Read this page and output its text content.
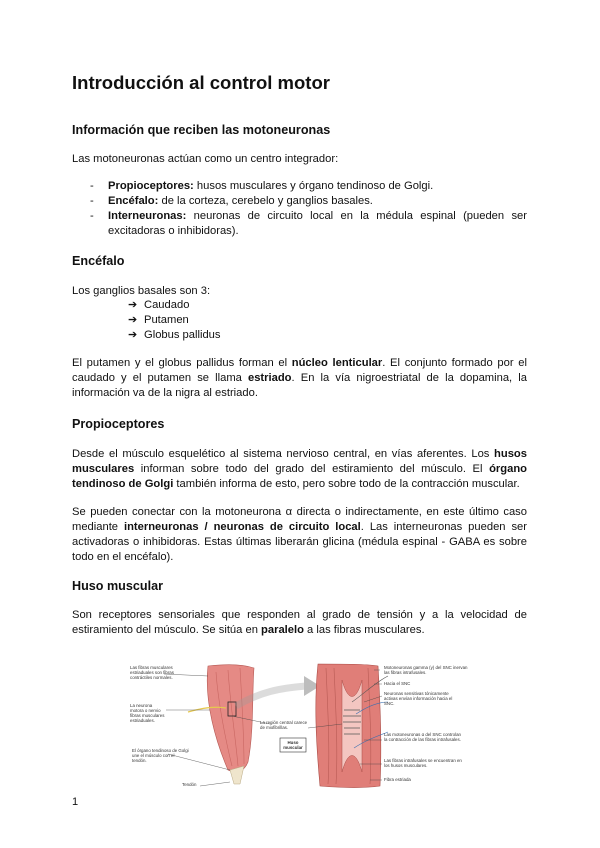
Introducción al control motor
Información que reciben las motoneuronas

Las motoneuronas actúan como un centro integrador:

- Propioceptores: husos musculares y órgano tendinoso de Golgi.
- Encéfalo: de la corteza, cerebelo y ganglios basales.
- Interneuronas: neuronas de circuito local en la médula espinal (pueden ser excitadoras o inhibidoras).
Encéfalo

Los ganglios basales son 3:

➔ Caudado
➔ Putamen
➔ Globus pallidus

El putamen y el globus pallidus forman el núcleo lenticular. El conjunto formado por el caudado y el putamen se llama estriado. En la vía nigroestriatal de la dopamina, la información va de la nigra al estriado.

Propioceptores

Desde el músculo esquelético al sistema nervioso central, en vías aferentes. Los husos musculares informan sobre todo del grado del estiramiento del músculo. El órgano tendinoso de Golgi también informa de esto, pero sobre todo de la contracción muscular.

Se pueden conectar con la motoneurona α directa o indirectamente, en este último caso mediante interneuronas / neuronas de circuito local. Las interneuronas pueden ser activadoras o inhibidoras. Estas últimas liberarán glicina (médula espinal - GABA es sobre todo en el encéfalo).

Huso muscular

Son receptores sensoriales que responden al grado de tensión y a la velocidad de estiramiento del músculo. Se sitúa en paralelo a las fibras musculares.

Las fibras musculares estriaduales son fibras contráctiles normales.
La neurona motora o nervio fibras musculares estriaduales.
El órgano tendinoso de Golgi une el músculo con el tendón.
Tendón
La región central carece de miofibrillas.
Huso muscular
Motoneuronas gamma (γ) del SNC inervan las fibras intrafusales.
Hacia el SNC
Neuronas sensitivas tónicamente activas envían información hacia el SNC.
Las motoneuronas α del SNC controlan la contracción de las fibras intrafusales.
Las fibras intrafusales se encuentran en los husos musculares.
Fibra estriada
1
